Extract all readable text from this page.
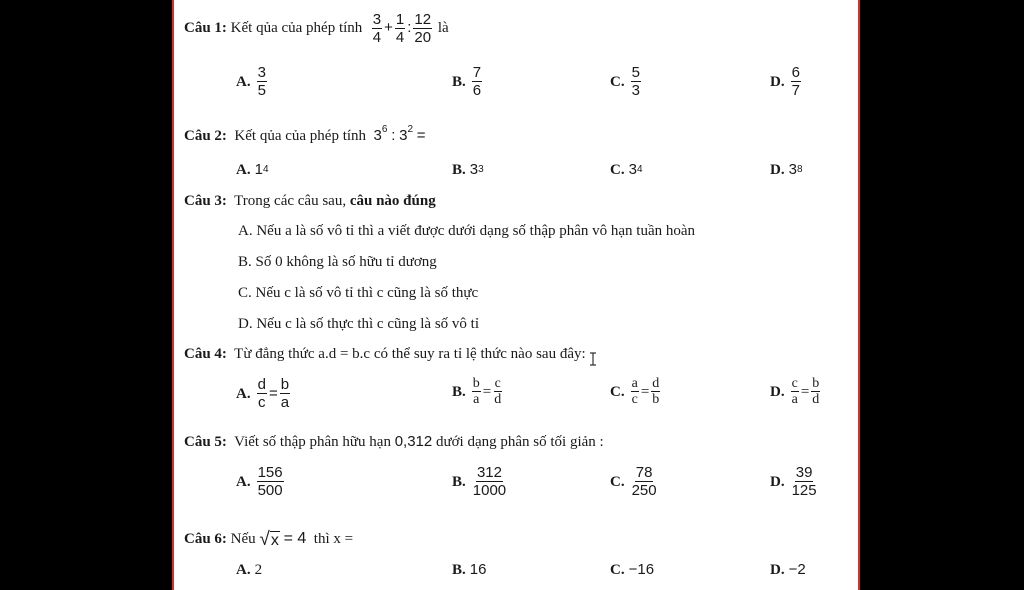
Câu 1:
Kết qủa của phép tính
$\frac{3}{4} + \frac{1}{4}$ : $\frac{12}{20}$
là
A. $\frac{3}{5}$	B. $\frac{7}{6}$	C. $\frac{5}{3}$	D. $\frac{6}{7}$
Câu 2: Kết qủa của phép tính $3^6$ : $3^2$ =
A. 1 4	B. 3 3	C. 3 4	D. 3 8
Câu 3: Trong các câu sau, câu nào đúng
A. Nếu a là số vô tỉ thì a viết được dưới dạng số thập phân vô hạn tuần hoàn
B. Số 0 không là số hữu tỉ dương
C. Nếu c là số vô tỉ thì c cũng là số thực
D. Nếu c là số thực thì c cũng là số vô tỉ
Câu 4: Từ đẳng thức a.d = b.c có thể suy ra tỉ lệ thức nào sau đây:
A. $\frac{d}{c} = \frac{b}{a}$	B. $\frac{b}{a} = \frac{c}{d}$	C. $\frac{a}{c} = \frac{d}{b}$	D. $\frac{c}{a} = \frac{b}{d}$
Câu 5: Viết số thập phân hữu hạn 0,312 dưới dạng phân số tối giản :
A. $\frac{156}{500}$	B. $\frac{312}{1000}$	C. $\frac{78}{250}$	D. $\frac{39}{125}$
Câu 6:
Nếu
√ x
= 4
thì x =
A. 2	B. 16	C. −16	D. −2
